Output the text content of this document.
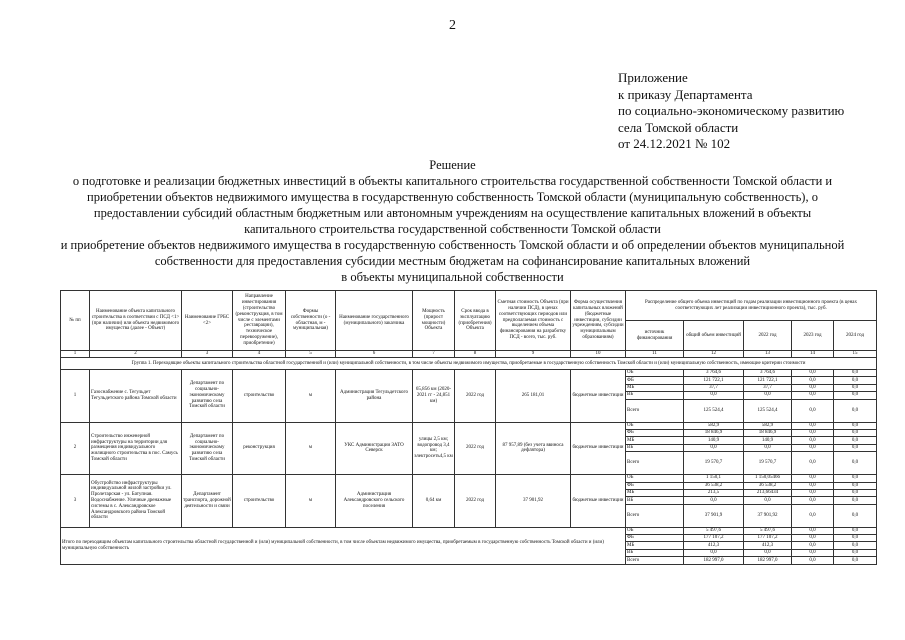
2
Приложение
к приказу Департамента
по социально-экономическому развитию
села Томской области
от 24.12.2021 № 102
Решение
о подготовке и реализации бюджетных инвестиций в объекты капитального строительства государственной собственности Томской области и
приобретении объектов недвижимого имущества в государственную собственность Томской области (муниципальную собственность), о
предоставлении субсидий областным бюджетным или автономным учреждениям на осуществление капитальных вложений в объекты
капитального строительства государственной собственности Томской области
и приобретение объектов недвижимого имущества в государственную собственность Томской области и об определении объектов муниципальной
собственности для предоставления субсидии местным бюджетам на софинансирование капитальных вложений
в объекты муниципальной собственности
№ пп	Наименование объекта капитального строительства в соответствии с ПСД <1> (при наличии) или объекта недвижимого имущества (далее - Объект)	Наименование ГРБС <2>	Направление инвестирования (строительство (реконструкция, в том числе с элементами реставрации), техническое перевооружение), приобретение)	Формы собственности (о - областная, м - муниципальная)	Наименование государственного (муниципального) заказчика	Мощность (прирост мощности) Объекта	Срок ввода в эксплуатацию (приобретения) Объекта	Сметная стоимость Объекта (при наличии ПСД), в ценах соответствующих периодов или предполагаемая стоимость с выделением объема финансирования на разработку ПСД - всего, тыс. руб.	Форма осуществления капитальных вложений (бюджетные инвестиции, субсидии учреждениям, субсидии муниципальным образованиям)	Распределение общего объема инвестиций по годам реализации инвестиционного проекта (в ценах соответствующих лет реализации инвестиционного проекта), тыс. руб.				
										источник финансирования	общий объем инвестиций	2022 год	2023 год	2024 год
1	2	3	4	5	6	7	8	9	10	11	12	13	14	15
Группа 1. Переходящие объекты капитального строительства областной государственной и (или) муниципальной собственности, в том числе объекты недвижимого имущества, приобретаемые в государственную собственность Томской области и (или) муниципальную собственность, имеющие критерии стоимости														
1	Газоснабжение с. Тегульдет Тегульдетского района Томской области	Департамент по социально-экономическому развитию села Томской области	строительство	м	Администрация Тегульдетского района	65,856 км (2020-2021 гг - 24,851 км)	2022 год	265 181,01	бюджетные инвестиции	ОБ	3 764,6	3 764,6	0,0	0,0
										ФБ	121 722,1	121 722,1	0,0	0,0
										МБ	37,7	37,7	0,0	0,0
										ВБ	0,0	0,0	0,0	0,0
										Всего	125 524,4	125 524,4	0,0	0,0
2	Строительство инженерной инфраструктуры на территории для размещения индивидуального жилищного строительства в пос. Самусь Томской области	Департамент по социально-экономическому развитию села Томской области	реконструкция	м	УКС Администрации ЗАТО Северск	улицы 2,5 км; водопровод 3,4 км; электросеть4,5 км	2022 год	87 957,89 (без учета ввиноса дефлятора)	бюджетные инвестиции	ОБ	582,9	582,9	0,0	0,0
										ФБ	18 846,9	18 846,9	0,0	0,0
										МБ	140,9	140,9	0,0	0,0
										ВБ	0,0	0,0	0,0	0,0
										Всего	19 570,7	19 570,7	0,0	0,0
3	Обустройство инфраструктуры индивидуальной жилой застройки ул. Пролетарская - ул. Батупная. Водоснабжение. Уличные дренажные системы в с. Александровское Александровского района Томской области	Департамент транспорта, дорожной деятельности и связи	строительство	м	Администрация Александровского сельского поселения	0,64 км	2022 год	37 901,92	бюджетные инвестиции	ОБ	1 150,1	1 150,05466	0,0	0,0
										ФБ	36 538,2	36 538,2	0,0	0,0
										МБ	213,5	213,66434	0,0	0,0
										ВБ	0,0	0,0	0,0	0,0
										Всего	37 901,9	37 901,92	0,0	0,0
Итого по переходящим объектам капитального строительства областной государственной и (или) муниципальной собственности, в том числе объектам недвижимого имущества, приобретаемым в государственную собственность Томской области и (или) муниципальную собственность										ОБ	5 497,6	5 497,6	0,0	0,0
										ФБ	177 107,2	177 107,2	0,0	0,0
										МБ	412,3	412,3	0,0	0,0
										ВБ	0,0	0,0	0,0	0,0
										Всего	182 997,0	182 997,0	0,0	0,0
